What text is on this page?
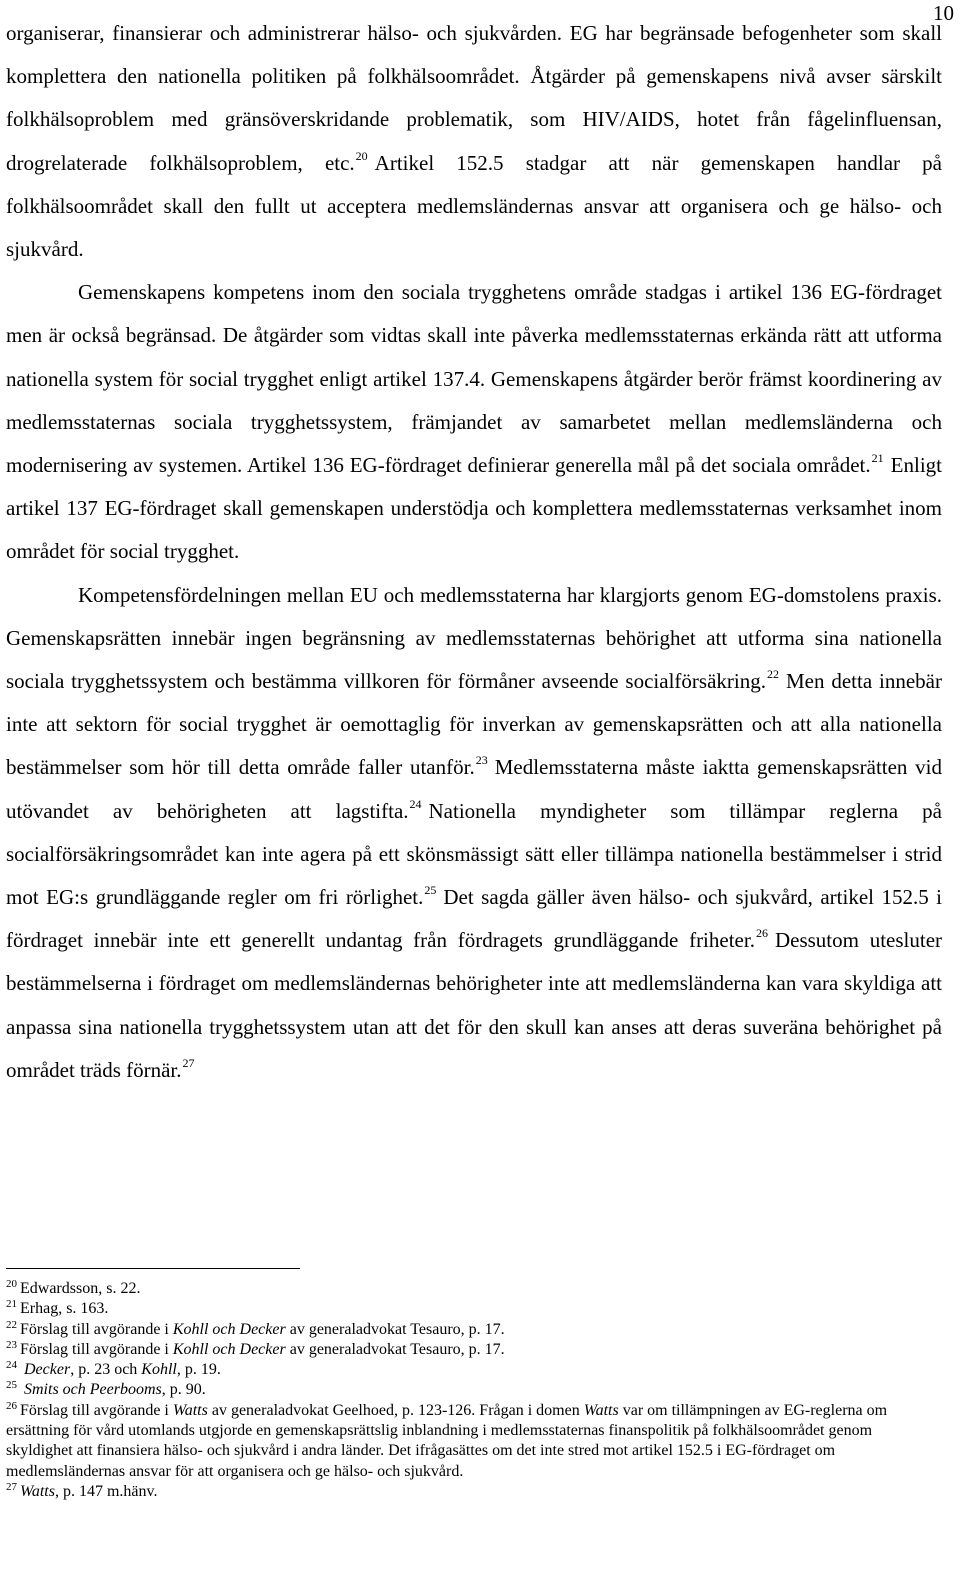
10

organiserar, finansierar och administrerar hälso- och sjukvården. EG har begränsade befogenheter som skall komplettera den nationella politiken på folkhälsoområdet. Åtgärder på gemenskapens nivå avser särskilt folkhälsoproblem med gränsöverskridande problematik, som HIV/AIDS, hotet från fågelinfluensan, drogrelaterade folkhälsoproblem, etc.$^{20}$ Artikel 152.5 stadgar att när gemenskapen handlar på folkhälsoområdet skall den fullt ut acceptera medlemsländernas ansvar att organisera och ge hälso- och sjukvård.

Gemenskapens kompetens inom den sociala trygghetens område stadgas i artikel 136 EG-fördraget men är också begränsad. De åtgärder som vidtas skall inte påverka medlemsstaternas erkända rätt att utforma nationella system för social trygghet enligt artikel 137.4. Gemenskapens åtgärder berör främst koordinering av medlemsstaternas sociala trygghetssystem, främjandet av samarbetet mellan medlemsländerna och modernisering av systemen. Artikel 136 EG-fördraget definierar generella mål på det sociala området.$^{21}$ Enligt artikel 137 EG-fördraget skall gemenskapen understödja och komplettera medlemsstaternas verksamhet inom området för social trygghet.

Kompetensfördelningen mellan EU och medlemsstaterna har klargjorts genom EG-domstolens praxis. Gemenskapsrätten innebär ingen begränsning av medlemsstaternas behörighet att utforma sina nationella sociala trygghetssystem och bestämma villkoren för förmåner avseende socialförsäkring.$^{22}$ Men detta innebär inte att sektorn för social trygghet är oemottaglig för inverkan av gemenskapsrätten och att alla nationella bestämmelser som hör till detta område faller utanför.$^{23}$ Medlemsstaterna måste iaktta gemenskapsrätten vid utövandet av behörigheten att lagstifta.$^{24}$ Nationella myndigheter som tillämpar reglerna på socialförsäkringsområdet kan inte agera på ett skönsmässigt sätt eller tillämpa nationella bestämmelser i strid mot EG:s grundläggande regler om fri rörlighet.$^{25}$ Det sagda gäller även hälso- och sjukvård, artikel 152.5 i fördraget innebär inte ett generellt undantag från fördragets grundläggande friheter.$^{26}$ Dessutom utesluter bestämmelserna i fördraget om medlemsländernas behörigheter inte att medlemsländerna kan vara skyldiga att anpassa sina nationella trygghetssystem utan att det för den skull kan anses att deras suveräna behörighet på området träds förnär.$^{27}$

$^{20}$ Edwardsson, s. 22.
$^{21}$ Erhag, s. 163.
$^{22}$ Förslag till avgörande i Kohll och Decker av generaladvokat Tesauro, p. 17.
$^{23}$ Förslag till avgörande i Kohll och Decker av generaladvokat Tesauro, p. 17.
$^{24}$ Decker, p. 23 och Kohll, p. 19.
$^{25}$ Smits och Peerbooms, p. 90.
$^{26}$ Förslag till avgörande i Watts av generaladvokat Geelhoed, p. 123-126. Frågan i domen Watts var om tillämpningen av EG-reglerna om ersättning för vård utomlands utgjorde en gemenskapsrättslig inblandning i medlemsstaternas finanspolitik på folkhälsoområdet genom skyldighet att finansiera hälso- och sjukvård i andra länder. Det ifrågasättes om det inte stred mot artikel 152.5 i EG-fördraget om medlemsländernas ansvar för att organisera och ge hälso- och sjukvård.
$^{27}$ Watts, p. 147 m.hänv.
